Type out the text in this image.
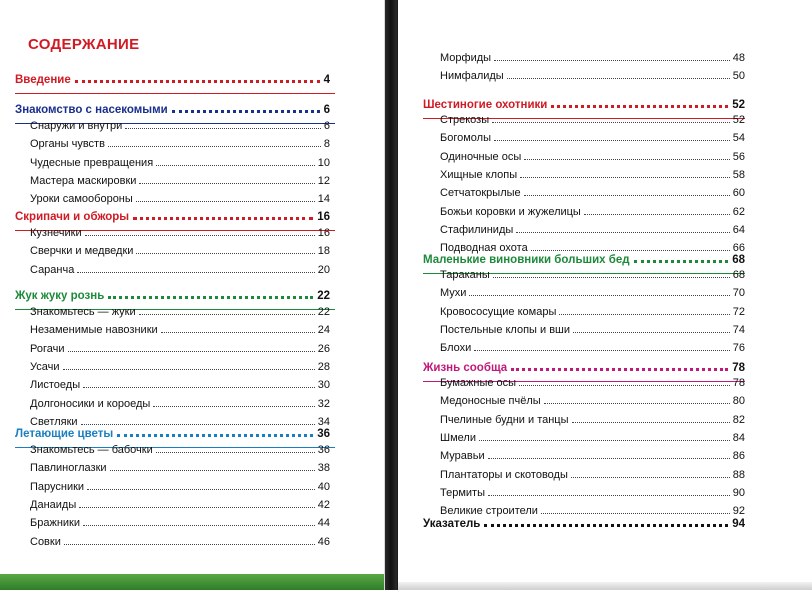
СОДЕРЖАНИЕ
Введение	4
Знакомство с насекомыми	6
Снаружи и внутри	6
Органы чувств	8
Чудесные превращения	10
Мастера маскировки	12
Уроки самообороны	14
Скрипачи и обжоры	16
Кузнечики	16
Сверчки и медведки	18
Саранча	20
Жук жуку рознь	22
Знакомьтесь — жуки	22
Незаменимые навозники	24
Рогачи	26
Усачи	28
Листоеды	30
Долгоносики и короеды	32
Светляки	34
Летающие цветы	36
Знакомьтесь — бабочки	36
Павлиноглазки	38
Парусники	40
Данаиды	42
Бражники	44
Совки	46
Морфиды	48
Нимфалиды	50
Шестиногие охотники	52
Стрекозы	52
Богомолы	54
Одиночные осы	56
Хищные клопы	58
Сетчатокрылые	60
Божьи коровки и жужелицы	62
Стафилиниды	64
Подводная охота	66
Маленькие виновники больших бед	68
Тараканы	68
Мухи	70
Кровососущие комары	72
Постельные клопы и вши	74
Блохи	76
Жизнь сообща	78
Бумажные осы	78
Медоносные пчёлы	80
Пчелиные будни и танцы	82
Шмели	84
Муравьи	86
Плантаторы и скотоводы	88
Термиты	90
Великие строители	92
Указатель	94
